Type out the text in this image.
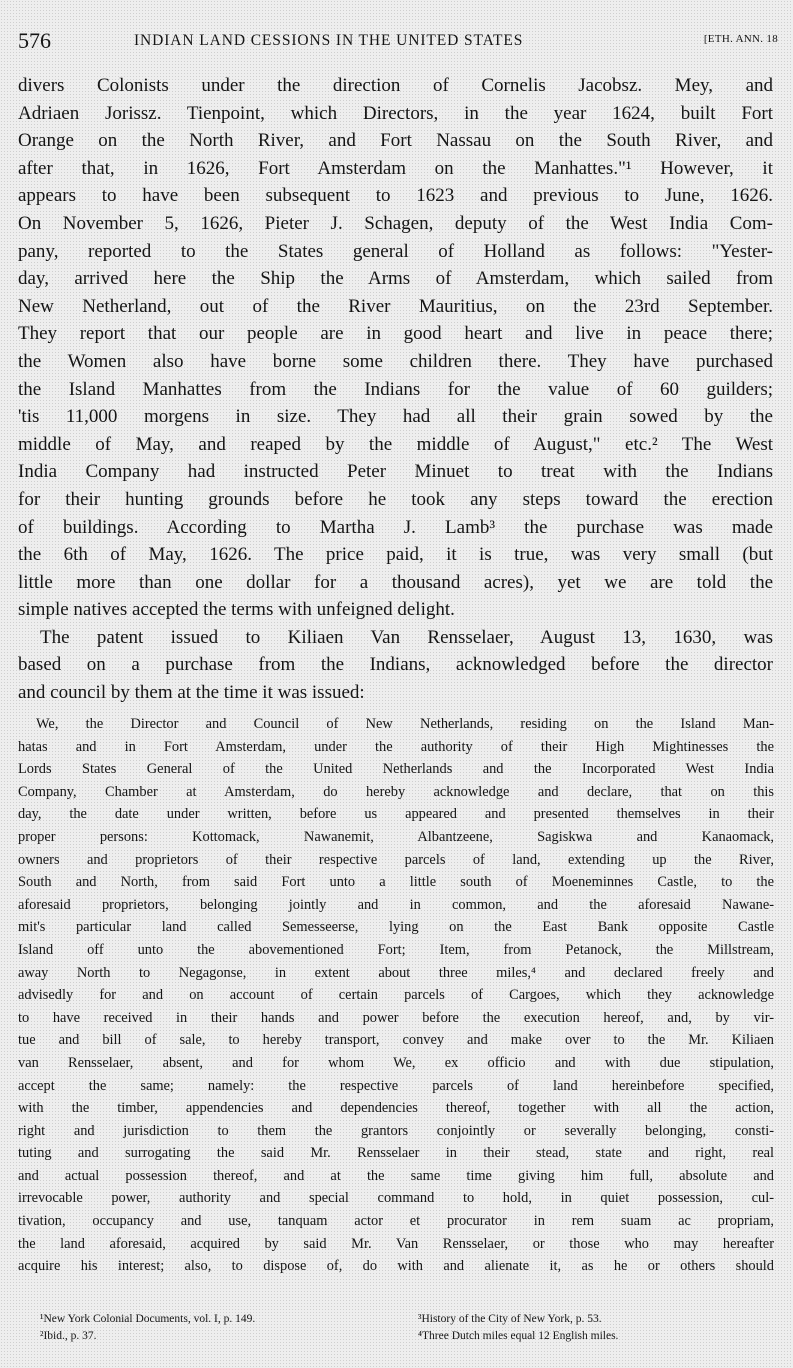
576	INDIAN LAND CESSIONS IN THE UNITED STATES	[ETH. ANN. 18
divers Colonists under the direction of Cornelis Jacobsz. Mey, and
Adriaen Jorissz. Tienpoint, which Directors, in the year 1624, built Fort
Orange on the North River, and Fort Nassau on the South River, and
after that, in 1626, Fort Amsterdam on the Manhattes."¹ However, it
appears to have been subsequent to 1623 and previous to June, 1626.
On November 5, 1626, Pieter J. Schagen, deputy of the West India Com-
pany, reported to the States general of Holland as follows: "Yester-
day, arrived here the Ship the Arms of Amsterdam, which sailed from
New Netherland, out of the River Mauritius, on the 23rd September.
They report that our people are in good heart and live in peace there;
the Women also have borne some children there. They have purchased
the Island Manhattes from the Indians for the value of 60 guilders;
'tis 11,000 morgens in size. They had all their grain sowed by the
middle of May, and reaped by the middle of August," etc.² The West
India Company had instructed Peter Minuet to treat with the Indians
for their hunting grounds before he took any steps toward the erection
of buildings. According to Martha J. Lamb³ the purchase was made
the 6th of May, 1626. The price paid, it is true, was very small (but
little more than one dollar for a thousand acres), yet we are told the
simple natives accepted the terms with unfeigned delight.
The patent issued to Kiliaen Van Rensselaer, August 13, 1630, was
based on a purchase from the Indians, acknowledged before the director
and council by them at the time it was issued:
We, the Director and Council of New Netherlands, residing on the Island Man-
hatas and in Fort Amsterdam, under the authority of their High Mightinesses the
Lords States General of the United Netherlands and the Incorporated West India
Company, Chamber at Amsterdam, do hereby acknowledge and declare, that on this
day, the date under written, before us appeared and presented themselves in their
proper persons: Kottomack, Nawanemit, Albantzeene, Sagiskwa and Kanaomack,
owners and proprietors of their respective parcels of land, extending up the River,
South and North, from said Fort unto a little south of Moeneminnes Castle, to the
aforesaid proprietors, belonging jointly and in common, and the aforesaid Nawane-
mit's particular land called Semesseerse, lying on the East Bank opposite Castle
Island off unto the abovementioned Fort; Item, from Petanock, the Millstream,
away North to Negagonse, in extent about three miles,⁴ and declared freely and
advisedly for and on account of certain parcels of Cargoes, which they acknowledge
to have received in their hands and power before the execution hereof, and, by vir-
tue and bill of sale, to hereby transport, convey and make over to the Mr. Kiliaen
van Rensselaer, absent, and for whom We, ex officio and with due stipulation,
accept the same; namely: the respective parcels of land hereinbefore specified,
with the timber, appendencies and dependencies thereof, together with all the action,
right and jurisdiction to them the grantors conjointly or severally belonging, consti-
tuting and surrogating the said Mr. Rensselaer in their stead, state and right, real
and actual possession thereof, and at the same time giving him full, absolute and
irrevocable power, authority and special command to hold, in quiet possession, cul-
tivation, occupancy and use, tanquam actor et procurator in rem suam ac propriam,
the land aforesaid, acquired by said Mr. Van Rensselaer, or those who may hereafter
acquire his interest; also, to dispose of, do with and alienate it, as he or others should
¹New York Colonial Documents, vol. I, p. 149.
²Ibid., p. 37.
³History of the City of New York, p. 53.
⁴Three Dutch miles equal 12 English miles.
